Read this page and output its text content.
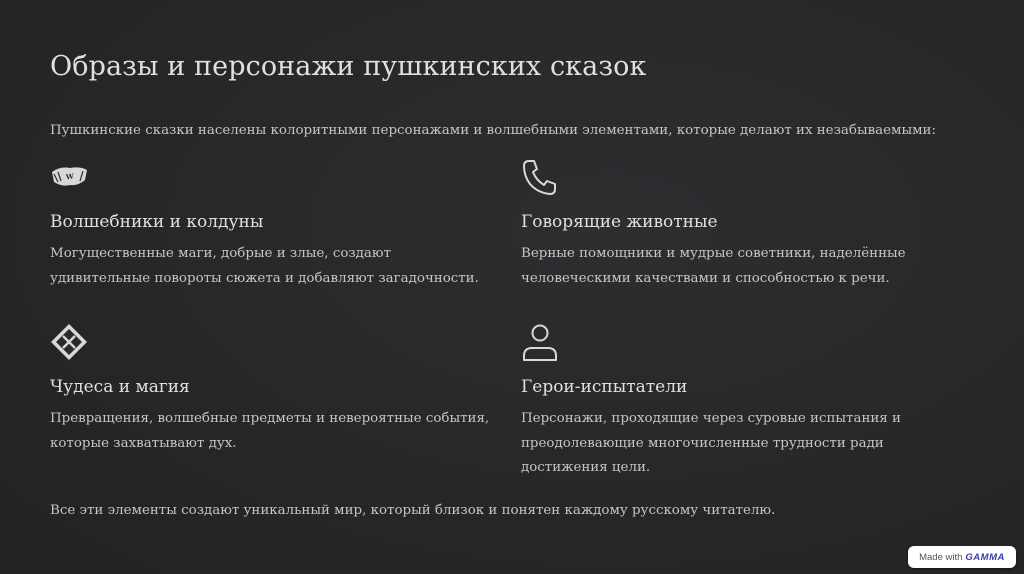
Образы и персонажи пушкинских сказок
Пушкинские сказки населены колоритными персонажами и волшебными элементами, которые делают их незабываемыми:
W
Волшебники и колдуны
Могущественные маги, добрые и злые, создают удивительные повороты сюжета и добавляют загадочности.
Говорящие животные
Верные помощники и мудрые советники, наделённые человеческими качествами и способностью к речи.
Чудеса и магия
Превращения, волшебные предметы и невероятные события, которые захватывают дух.
Герои-испытатели
Персонажи, проходящие через суровые испытания и преодолевающие многочисленные трудности ради достижения цели.
Все эти элементы создают уникальный мир, который близок и понятен каждому русскому читателю.
Made with GAMMA
